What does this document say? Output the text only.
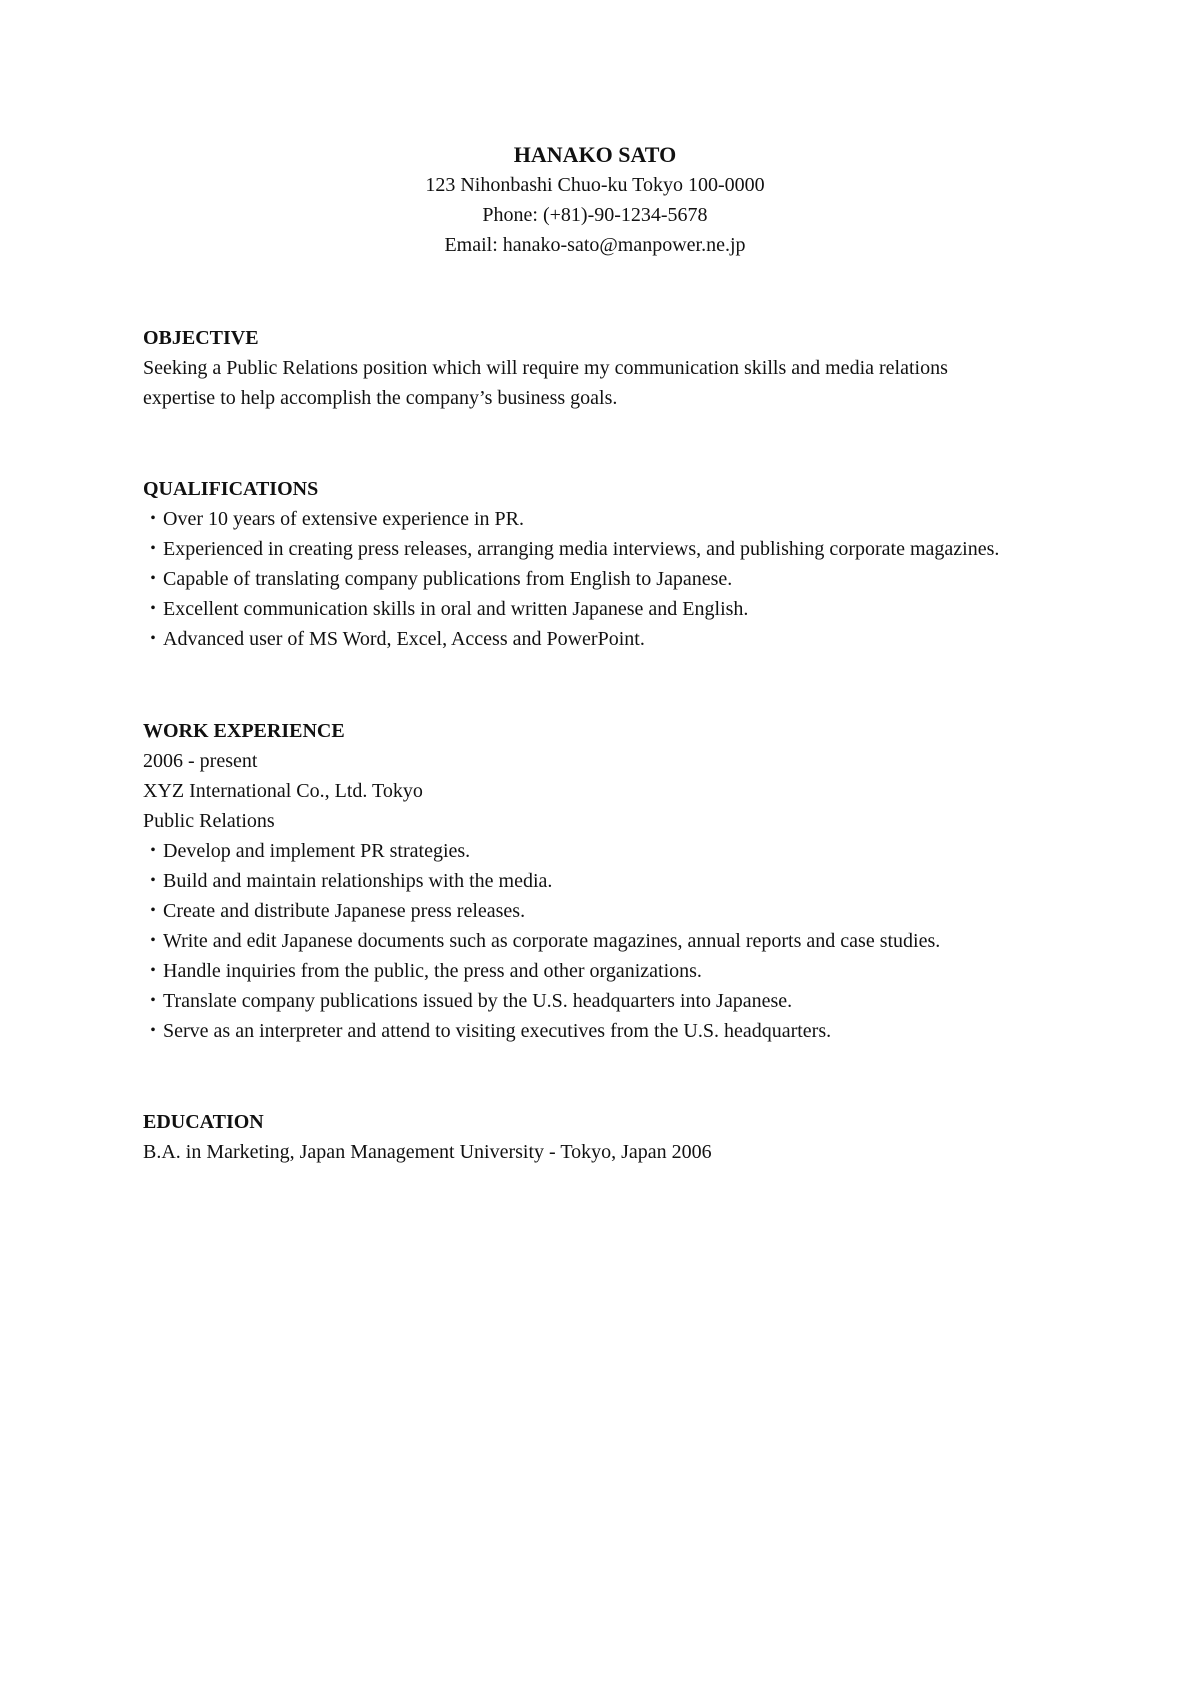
HANAKO SATO

123 Nihonbashi Chuo-ku Tokyo 100-0000

Phone: (+81)-90-1234-5678

Email: hanako-sato@manpower.ne.jp

OBJECTIVE

Seeking a Public Relations position which will require my communication skills and media relations

expertise to help accomplish the company’s business goals.

QUALIFICATIONS

・Over 10 years of extensive experience in PR.
・Experienced in creating press releases, arranging media interviews, and publishing corporate magazines.
・Capable of translating company publications from English to Japanese.
・Excellent communication skills in oral and written Japanese and English.
・Advanced user of MS Word, Excel, Access and PowerPoint.

WORK EXPERIENCE

2006 - present

XYZ International Co., Ltd. Tokyo

Public Relations

・Develop and implement PR strategies.
・Build and maintain relationships with the media.
・Create and distribute Japanese press releases.
・Write and edit Japanese documents such as corporate magazines, annual reports and case studies.
・Handle inquiries from the public, the press and other organizations.
・Translate company publications issued by the U.S. headquarters into Japanese.
・Serve as an interpreter and attend to visiting executives from the U.S. headquarters.

EDUCATION

B.A. in Marketing, Japan Management University - Tokyo, Japan 2006
